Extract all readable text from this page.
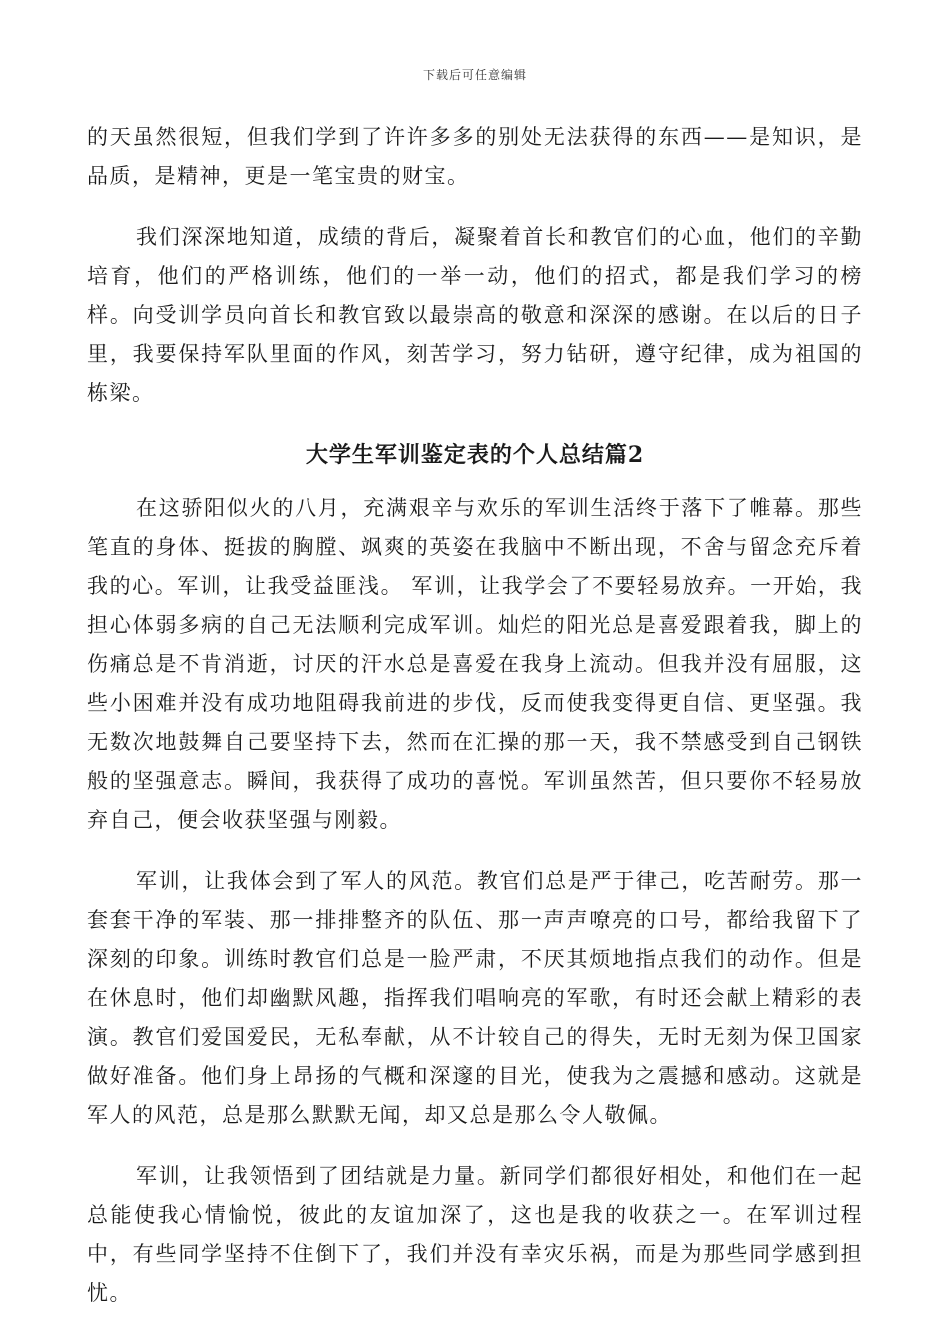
下载后可任意编辑

的天虽然很短，但我们学到了许许多多的别处无法获得的东西——是知识，是品质，是精神，更是一笔宝贵的财宝。

我们深深地知道，成绩的背后，凝聚着首长和教官们的心血，他们的辛勤培育，他们的严格训练，他们的一举一动，他们的招式，都是我们学习的榜样。向受训学员向首长和教官致以最崇高的敬意和深深的感谢。在以后的日子里，我要保持军队里面的作风，刻苦学习，努力钻研，遵守纪律，成为祖国的栋梁。

大学生军训鉴定表的个人总结篇2

在这骄阳似火的八月，充满艰辛与欢乐的军训生活终于落下了帷幕。那些笔直的身体、挺拔的胸膛、飒爽的英姿在我脑中不断出现，不舍与留念充斥着我的心。军训，让我受益匪浅。 军训，让我学会了不要轻易放弃。一开始，我担心体弱多病的自己无法顺利完成军训。灿烂的阳光总是喜爱跟着我，脚上的伤痛总是不肯消逝，讨厌的汗水总是喜爱在我身上流动。但我并没有屈服，这些小困难并没有成功地阻碍我前进的步伐，反而使我变得更自信、更坚强。我无数次地鼓舞自己要坚持下去，然而在汇操的那一天，我不禁感受到自己钢铁般的坚强意志。瞬间，我获得了成功的喜悦。军训虽然苦，但只要你不轻易放弃自己，便会收获坚强与刚毅。

军训，让我体会到了军人的风范。教官们总是严于律己，吃苦耐劳。那一套套干净的军装、那一排排整齐的队伍、那一声声嘹亮的口号，都给我留下了深刻的印象。训练时教官们总是一脸严肃，不厌其烦地指点我们的动作。但是在休息时，他们却幽默风趣，指挥我们唱响亮的军歌，有时还会献上精彩的表演。教官们爱国爱民，无私奉献，从不计较自己的得失，无时无刻为保卫国家做好准备。他们身上昂扬的气概和深邃的目光，使我为之震撼和感动。这就是军人的风范，总是那么默默无闻，却又总是那么令人敬佩。

军训，让我领悟到了团结就是力量。新同学们都很好相处，和他们在一起总能使我心情愉悦，彼此的友谊加深了，这也是我的收获之一。在军训过程中，有些同学坚持不住倒下了，我们并没有幸灾乐祸，而是为那些同学感到担忧。
